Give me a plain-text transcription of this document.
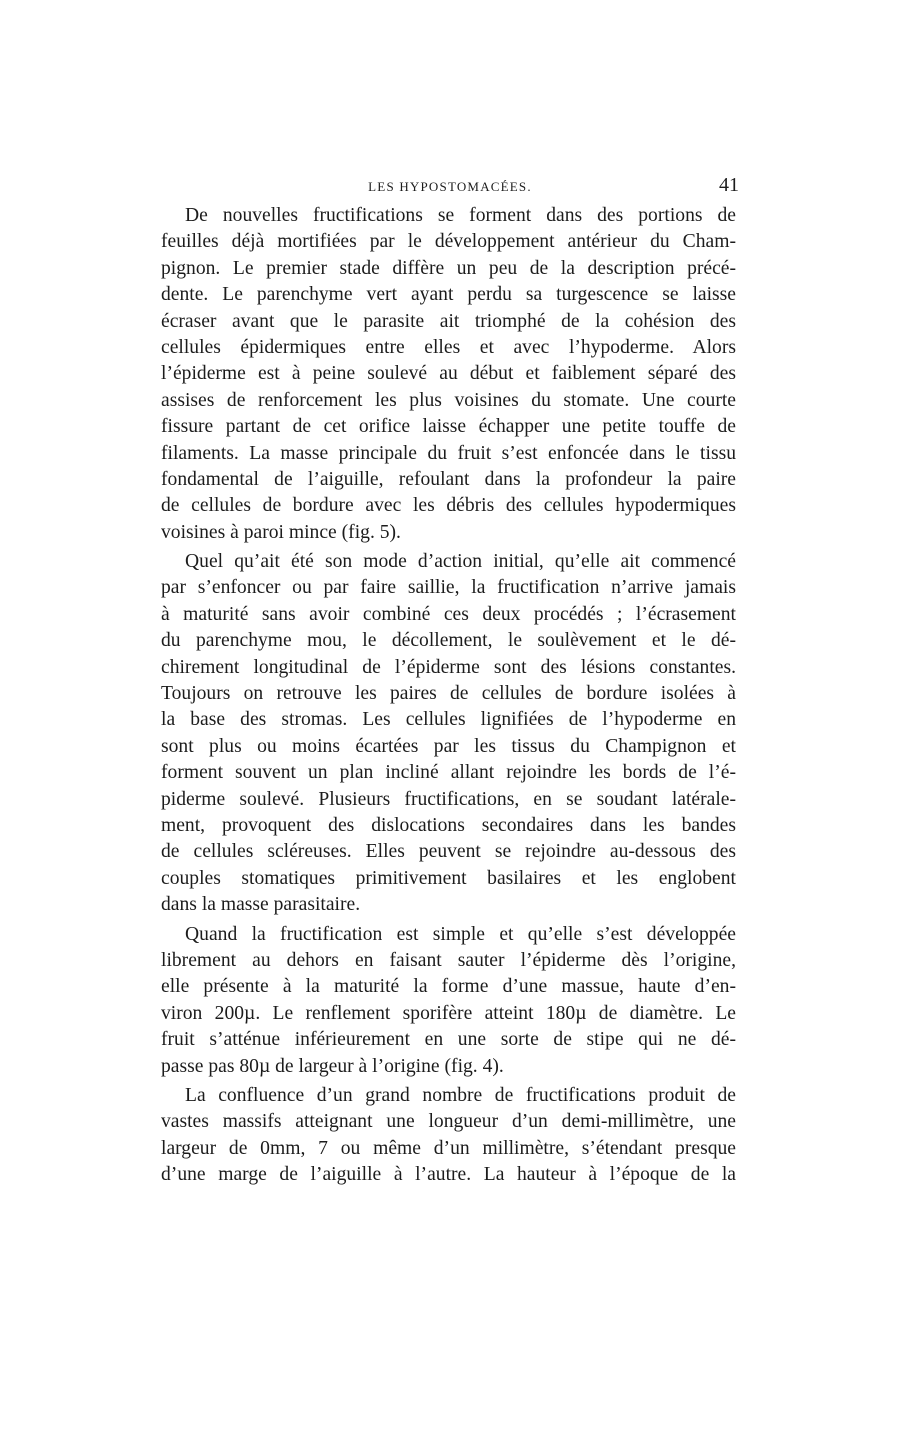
LES HYPOSTOMACÉES.	41
De nouvelles fructifications se forment dans des portions de
feuilles déjà mortifiées par le développement antérieur du Cham-
pignon. Le premier stade diffère un peu de la description précé-
dente. Le parenchyme vert ayant perdu sa turgescence se laisse
écraser avant que le parasite ait triomphé de la cohésion des
cellules épidermiques entre elles et avec l’hypoderme. Alors
l’épiderme est à peine soulevé au début et faiblement séparé des
assises de renforcement les plus voisines du stomate. Une courte
fissure partant de cet orifice laisse échapper une petite touffe de
filaments. La masse principale du fruit s’est enfoncée dans le tissu
fondamental de l’aiguille, refoulant dans la profondeur la paire
de cellules de bordure avec les débris des cellules hypodermiques
voisines à paroi mince (fig. 5).
Quel qu’ait été son mode d’action initial, qu’elle ait commencé
par s’enfoncer ou par faire saillie, la fructification n’arrive jamais
à maturité sans avoir combiné ces deux procédés ; l’écrasement
du parenchyme mou, le décollement, le soulèvement et le dé-
chirement longitudinal de l’épiderme sont des lésions constantes.
Toujours on retrouve les paires de cellules de bordure isolées à
la base des stromas. Les cellules lignifiées de l’hypoderme en
sont plus ou moins écartées par les tissus du Champignon et
forment souvent un plan incliné allant rejoindre les bords de l’é-
piderme soulevé. Plusieurs fructifications, en se soudant latérale-
ment, provoquent des dislocations secondaires dans les bandes
de cellules scléreuses. Elles peuvent se rejoindre au-dessous des
couples stomatiques primitivement basilaires et les englobent
dans la masse parasitaire.
Quand la fructification est simple et qu’elle s’est développée
librement au dehors en faisant sauter l’épiderme dès l’origine,
elle présente à la maturité la forme d’une massue, haute d’en-
viron 200µ. Le renflement sporifère atteint 180µ de diamètre. Le
fruit s’atténue inférieurement en une sorte de stipe qui ne dé-
passe pas 80µ de largeur à l’origine (fig. 4).
La confluence d’un grand nombre de fructifications produit de
vastes massifs atteignant une longueur d’un demi-millimètre, une
largeur de 0mm, 7 ou même d’un millimètre, s’étendant presque
d’une marge de l’aiguille à l’autre. La hauteur à l’époque de la
